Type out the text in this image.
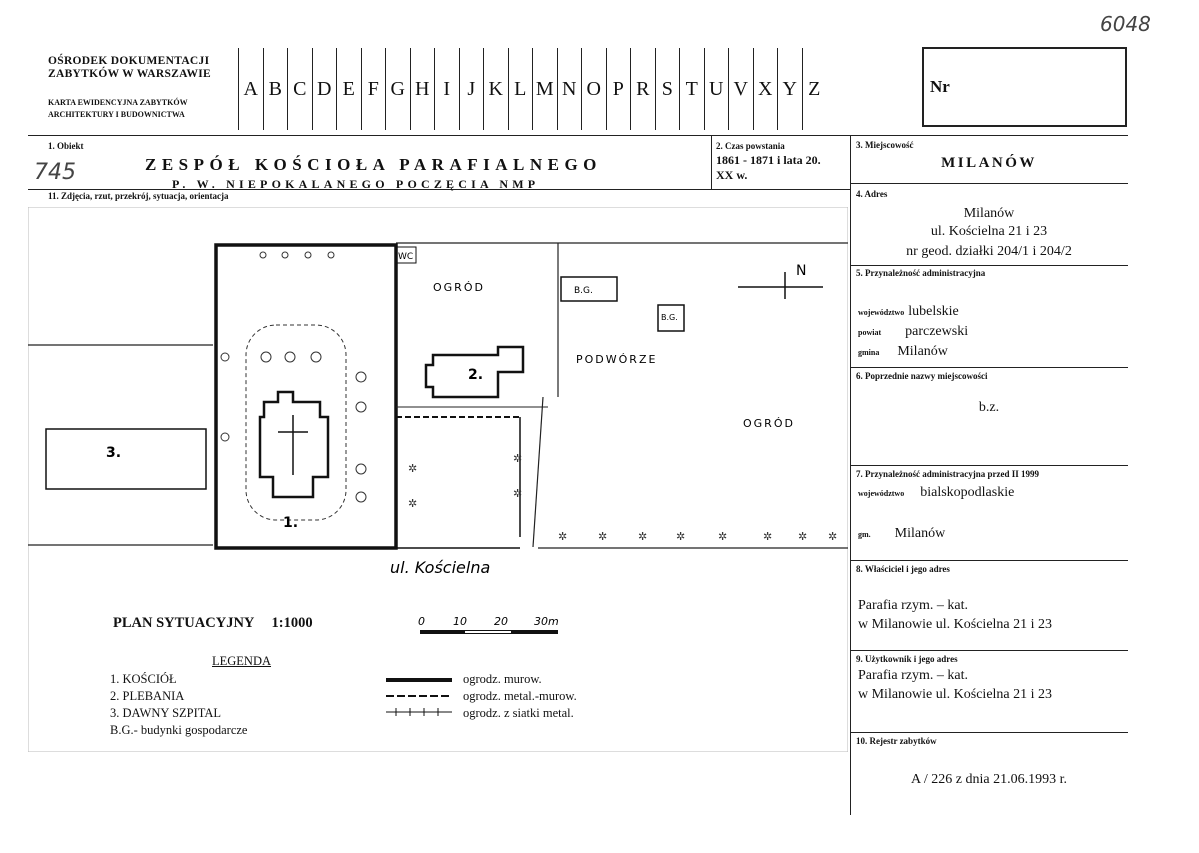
6048
OŚRODEK DOKUMENTACJI
ZABYTKÓW W WARSZAWIE
KARTA EWIDENCYJNA ZABYTKÓW
ARCHITEKTURY I BUDOWNICTWA
A B C D E F G H I J K L M N O P R S T U V X Y Z	Nr
1. Obiekt
745	ZESPÓŁ KOŚCIOŁA PARAFIALNEGO
P. W. NIEPOKALANEGO POCZĘCIA NMP
2. Czas powstania
1861 - 1871 i lata 20.
XX w.
3. Miejscowość
MILANÓW
4. Adres
Milanów
ul. Kościelna 21 i 23
nr geod. działki 204/1 i 204/2
5. Przynależność administracyjna
województwo lubelskie
powiat parczewski
gmina Milanów
6. Poprzednie nazwy miejscowości
b.z.
7. Przynależność administracyjna przed II 1999
województwo bialskopodlaskie
gm. Milanów
8. Właściciel i jego adres
Parafia rzym. – kat.
w Milanowie ul. Kościelna 21 i 23
9. Użytkownik i jego adres
Parafia rzym. – kat.
w Milanowie ul. Kościelna 21 i 23
10. Rejestr zabytków
A / 226 z dnia 21.06.1993 r.
11. Zdjęcia, rzut, przekrój, sytuacja, orientacja
WC
1.
2.
3.
B.G.
B.G.
OGRÓD
PODWÓRZE
OGRÓD
N
✲	✲	✲	✲	✲	✲ ✲ ✲
✲
✲
✲
✲
ul. Kościelna
0	10 20 30m
PLAN SYTUACYJNY 1:1000
LEGENDA
1. KOŚCIÓŁ
2. PLEBANIA
3. DAWNY SZPITAL
B.G.- budynki gospodarcze
ogrodz. murow.
ogrodz. metal.-murow.
ogrodz. z siatki metal.
